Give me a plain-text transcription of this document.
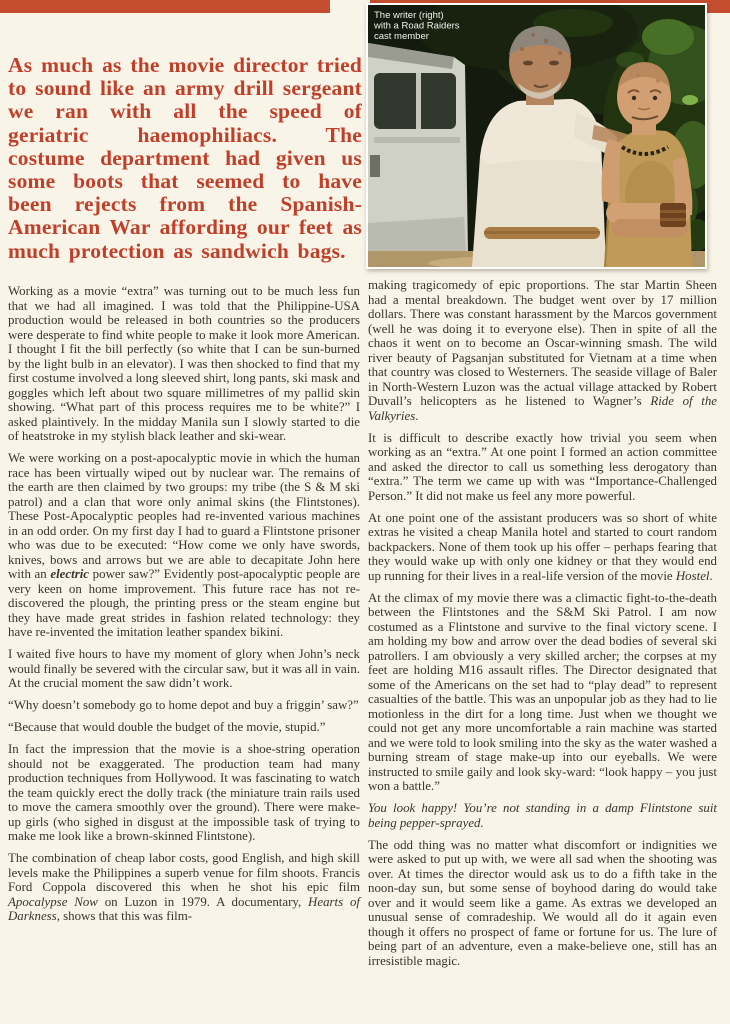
The writer (right)
with a Road Raiders
cast member
As much as the movie director tried to sound like an army drill sergeant we ran with all the speed of geriatric haemophiliacs. The costume department had given us some boots that seemed to have been rejects from the Spanish-American War affording our feet as much protection as sandwich bags.

Working as a movie “extra” was turning out to be much less fun that we had all imagined. I was told that the Philippine-USA production would be released in both countries so the producers were desperate to find white people to make it look more American. I thought I fit the bill perfectly (so white that I can be sun-burned by the light bulb in an elevator). I was then shocked to find that my first costume involved a long sleeved shirt, long pants, ski mask and goggles which left about two square millimetres of my pallid skin showing. “What part of this process requires me to be white?” I asked plaintively. In the midday Manila sun I slowly started to die of heatstroke in my stylish black leather and ski-wear.

We were working on a post-apocalyptic movie in which the human race has been virtually wiped out by nuclear war. The remains of the earth are then claimed by two groups: my tribe (the S & M ski patrol) and a clan that wore only animal skins (the Flintstones). These Post-Apocalyptic peoples had re-invented various machines in an odd order. On my first day I had to guard a Flintstone prisoner who was due to be executed: “How come we only have swords, knives, bows and arrows but we are able to decapitate John here with an electric power saw?” Evidently post-apocalyptic people are very keen on home improvement. This future race has not re-discovered the plough, the printing press or the steam engine but they have made great strides in fashion related technology: they have re-invented the imitation leather spandex bikini.

I waited five hours to have my moment of glory when John’s neck would finally be severed with the circular saw, but it was all in vain. At the crucial moment the saw didn’t work.

“Why doesn’t somebody go to home depot and buy a friggin’ saw?”

“Because that would double the budget of the movie, stupid.”

In fact the impression that the movie is a shoe-string operation should not be exaggerated. The production team had many production techniques from Hollywood. It was fascinating to watch the team quickly erect the dolly track (the miniature train rails used to move the camera smoothly over the ground). There were make-up girls (who sighed in disgust at the impossible task of trying to make me look like a brown-skinned Flintstone).

The combination of cheap labor costs, good English, and high skill levels make the Philippines a superb venue for film shoots. Francis Ford Coppola discovered this when he shot his epic film Apocalypse Now on Luzon in 1979. A documentary, Hearts of Darkness, shows that this was film-

making tragicomedy of epic proportions. The star Martin Sheen had a mental breakdown. The budget went over by 17 million dollars. There was constant harassment by the Marcos government (well he was doing it to everyone else). Then in spite of all the chaos it went on to become an Oscar-winning smash. The wild river beauty of Pagsanjan substituted for Vietnam at a time when that country was closed to Westerners. The seaside village of Baler in North-Western Luzon was the actual village attacked by Robert Duvall’s helicopters as he listened to Wagner’s Ride of the Valkyries.

It is difficult to describe exactly how trivial you seem when working as an “extra.” At one point I formed an action committee and asked the director to call us something less derogatory than “extra.” The term we came up with was “Importance-Challenged Person.” It did not make us feel any more powerful.

At one point one of the assistant producers was so short of white extras he visited a cheap Manila hotel and started to court random backpackers. None of them took up his offer – perhaps fearing that they would wake up with only one kidney or that they would end up running for their lives in a real-life version of the movie Hostel.

At the climax of my movie there was a climactic fight-to-the-death between the Flintstones and the S&M Ski Patrol. I am now costumed as a Flintstone and survive to the final victory scene. I am holding my bow and arrow over the dead bodies of several ski patrollers. I am obviously a very skilled archer; the corpses at my feet are holding M16 assault rifles. The Director designated that some of the Americans on the set had to “play dead” to represent casualties of the battle. This was an unpopular job as they had to lie motionless in the dirt for a long time. Just when we thought we could not get any more uncomfortable a rain machine was started and we were told to look smiling into the sky as the water washed a burning stream of stage make-up into our eyeballs. We were instructed to smile gaily and look sky-ward: “look happy – you just won a battle.”

You look happy! You’re not standing in a damp Flintstone suit being pepper-sprayed.

The odd thing was no matter what discomfort or indignities we were asked to put up with, we were all sad when the shooting was over. At times the director would ask us to do a fifth take in the noon-day sun, but some sense of boyhood daring do would take over and it would seem like a game. As extras we developed an unusual sense of comradeship. We would all do it again even though it offers no prospect of fame or fortune for us. The lure of being part of an adventure, even a make-believe one, still has an irresistible magic.
